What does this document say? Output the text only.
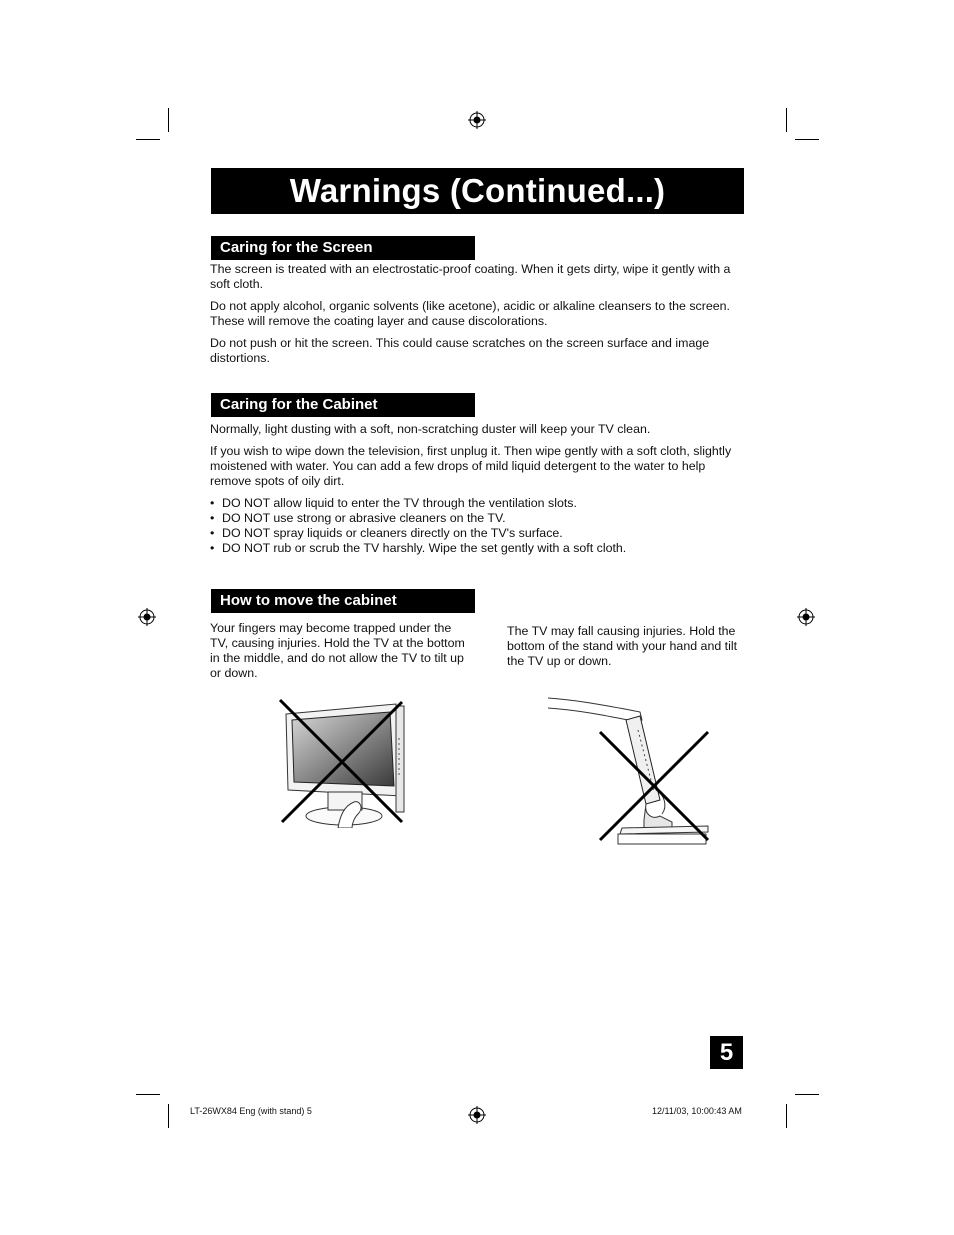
Warnings (Continued...)
Caring for the Screen

The screen is treated with an electrostatic-proof coating. When it gets dirty, wipe it gently with a soft cloth.

Do not apply alcohol, organic solvents (like acetone), acidic or alkaline cleansers to the screen. These will remove the coating layer and cause discolorations.

Do not push or hit the screen. This could cause scratches on the screen surface and image distortions.

Caring for the Cabinet

Normally, light dusting with a soft, non-scratching duster will keep your TV clean.

If you wish to wipe down the television, first unplug it. Then wipe gently with a soft cloth, slightly moistened with water. You can add a few drops of mild liquid detergent to the water to help remove spots of oily dirt.

• DO NOT allow liquid to enter the TV through the ventilation slots.
• DO NOT use strong or abrasive cleaners on the TV.
• DO NOT spray liquids or cleaners directly on the TV's surface.
• DO NOT rub or scrub the TV harshly. Wipe the set gently with a soft cloth.
How to move the cabinet

Your fingers may become trapped under the TV, causing injuries. Hold the TV at the bottom in the middle, and do not allow the TV to tilt up or down.

The TV may fall causing injuries. Hold the bottom of the stand with your hand and tilt the TV up or down.

5
LT-26WX84 Eng (with stand) 5	12/11/03, 10:00:43 AM
